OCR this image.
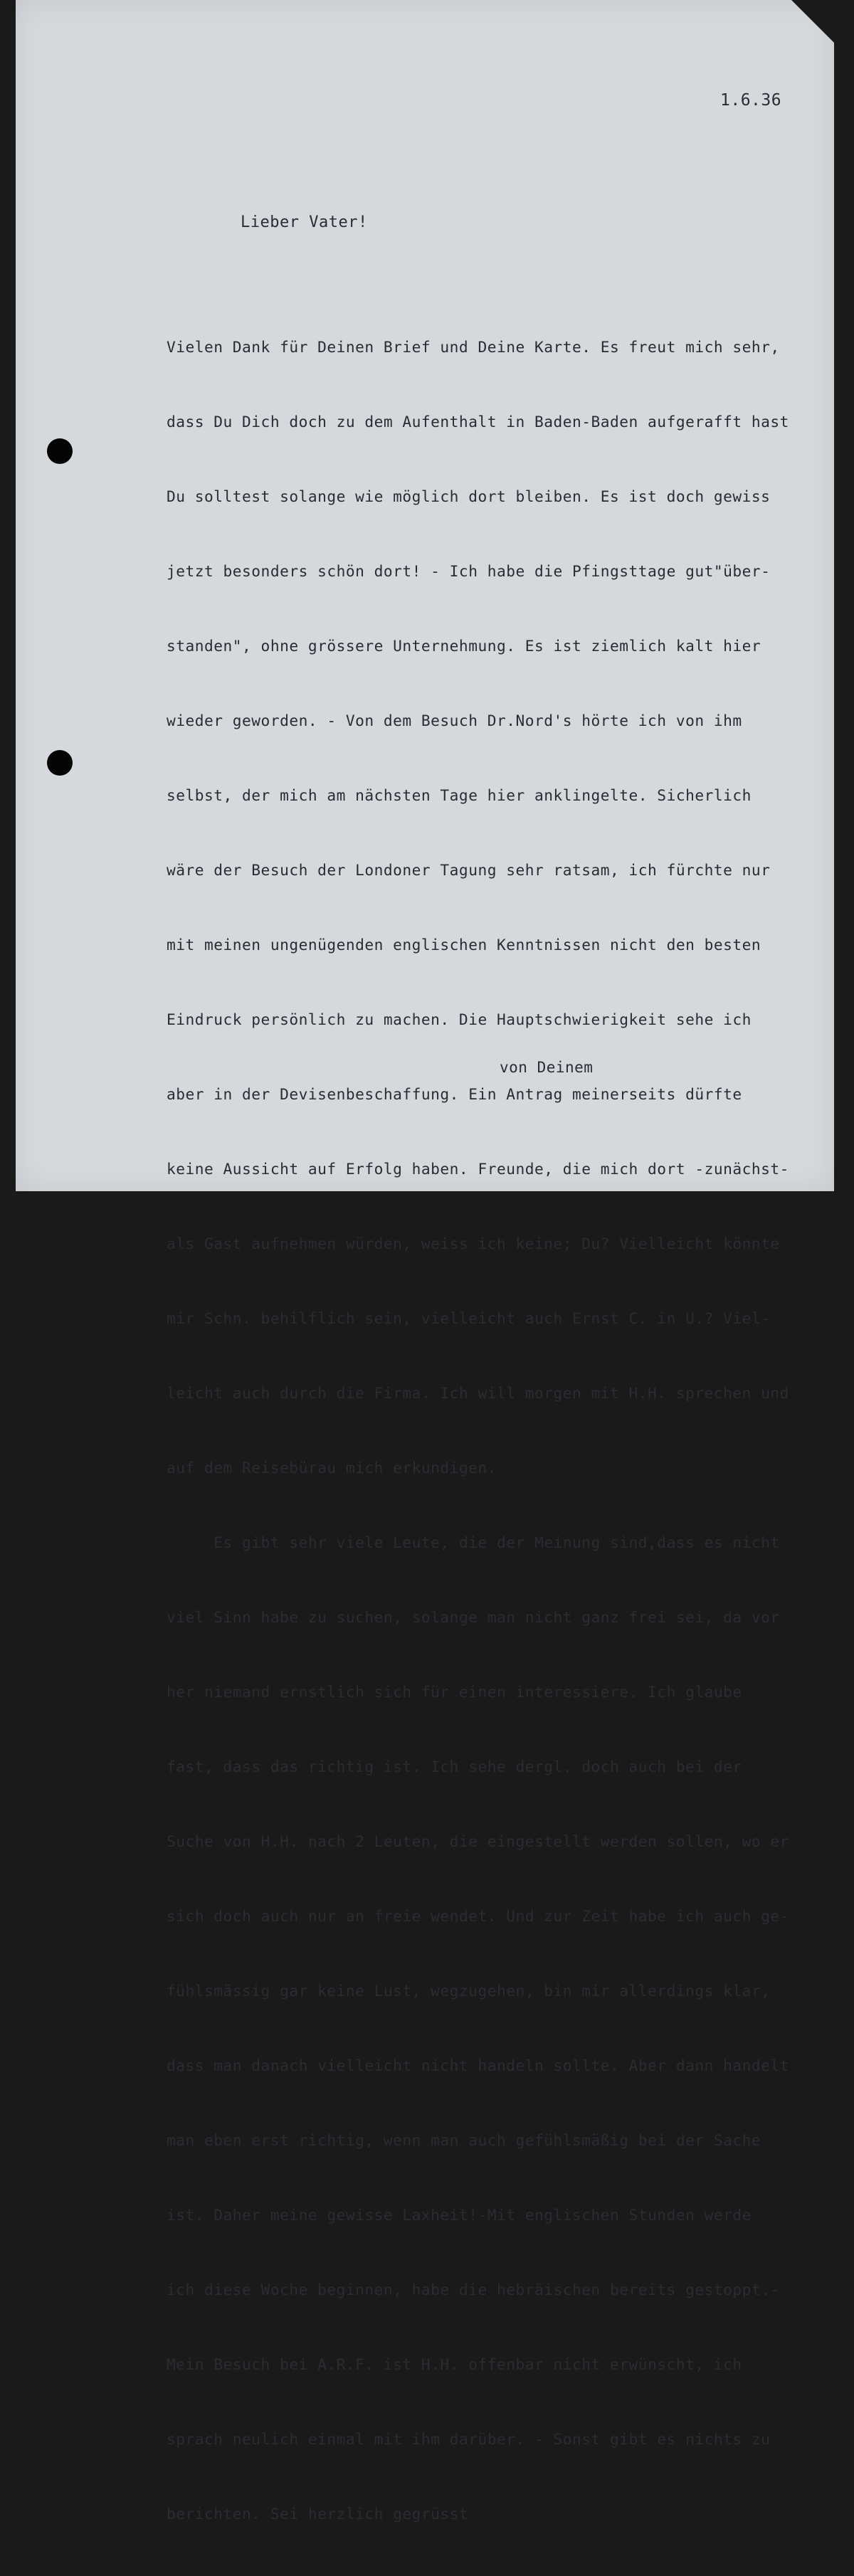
1.6.36
Lieber Vater!

Vielen Dank für Deinen Brief und Deine Karte. Es freut mich sehr,

dass Du Dich doch zu dem Aufenthalt in Baden-Baden aufgerafft hast

Du solltest solange wie möglich dort bleiben. Es ist doch gewiss

jetzt besonders schön dort! - Ich habe die Pfingsttage gut"über-

standen", ohne grössere Unternehmung. Es ist ziemlich kalt hier

wieder geworden. - Von dem Besuch Dr.Nord's hörte ich von ihm

selbst, der mich am nächsten Tage hier anklingelte. Sicherlich

wäre der Besuch der Londoner Tagung sehr ratsam, ich fürchte nur

mit meinen ungenügenden englischen Kenntnissen nicht den besten

Eindruck persönlich zu machen. Die Hauptschwierigkeit sehe ich

aber in der Devisenbeschaffung. Ein Antrag meinerseits dürfte

keine Aussicht auf Erfolg haben. Freunde, die mich dort -zunächst-

als Gast aufnehmen würden, weiss ich keine; Du? Vielleicht könnte

mir Schn. behilflich sein, vielleicht auch Ernst C. in U.? Viel-

leicht auch durch die Firma. Ich will morgen mit H.H. sprechen und

auf dem Reisebürau mich erkundigen.

Es gibt sehr viele Leute, die der Meinung sind,dass es nicht

viel Sinn habe zu suchen, solange man nicht ganz frei sei, da vor

her niemand ernstlich sich für einen interessiere. Ich glaube

fast, dass das richtig ist. Ich sehe dergl. doch auch bei der

Suche von H.H. nach 2 Leuten, die eingestellt werden sollen, wo er

sich doch auch nur an freie wendet. Und zur Zeit habe ich auch ge-

fühlsmässig gar keine Lust, wegzugehen, bin mir allerdings klar,

dass man danach vielleicht nicht handeln sollte. Aber dann handelt

man eben erst richtig, wenn man auch gefühlsmäßig bei der Sache

ist. Daher meine gewisse Laxheit!-Mit englischen Stunden werde

ich diese Woche beginnen, habe die hebräischen bereits gestoppt.-

Mein Besuch bei A.R.F. ist H.H. offenbar nicht erwünscht, ich

sprach neulich einmal mit ihm darüber. - Sonst gibt es nichts zu

berichten. Sei herzlich gegrüsst

von Deinem
